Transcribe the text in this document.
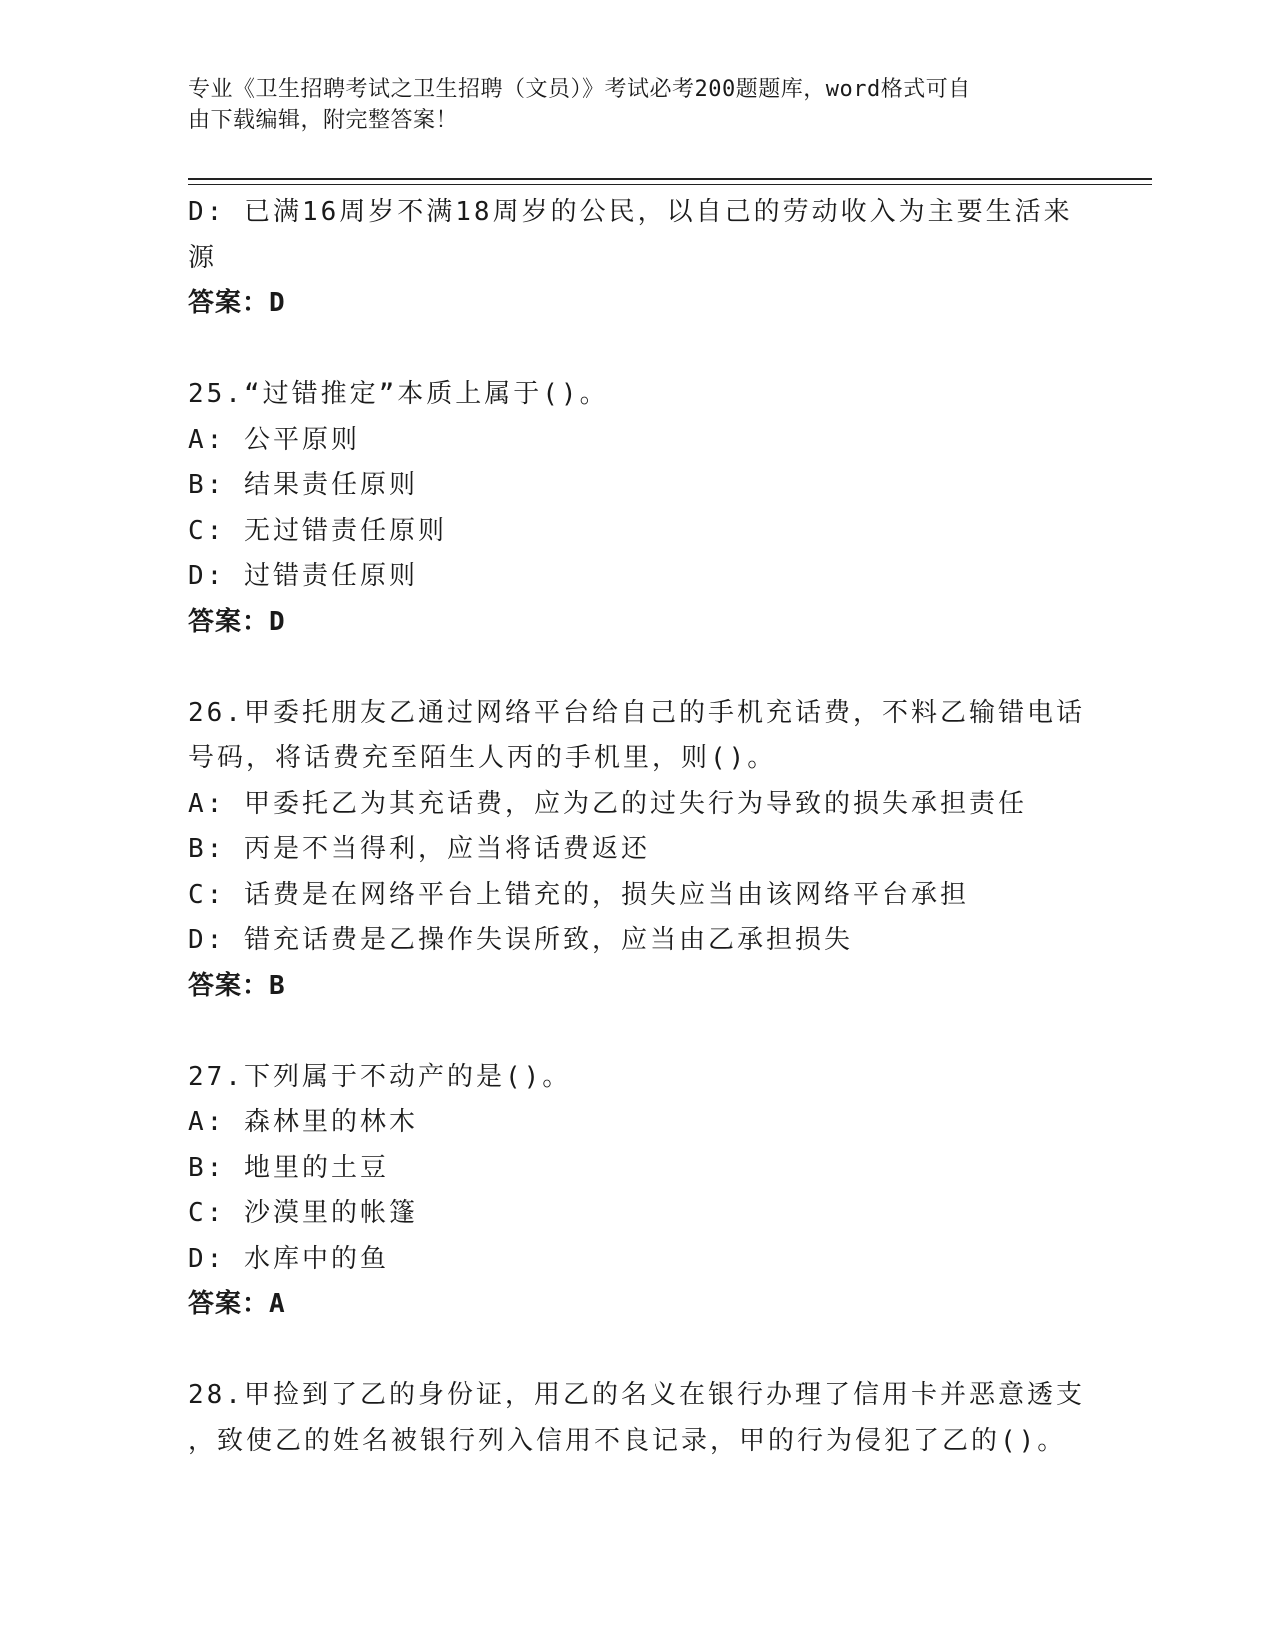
专业《卫生招聘考试之卫生招聘（文员）》考试必考200题题库，word格式可自
由下载编辑，附完整答案！
D: 已满16周岁不满18周岁的公民，以自己的劳动收入为主要生活来
源
答案：D
25.“过错推定”本质上属于()。
A: 公平原则
B: 结果责任原则
C: 无过错责任原则
D: 过错责任原则
答案：D
26.甲委托朋友乙通过网络平台给自己的手机充话费，不料乙输错电话
号码，将话费充至陌生人丙的手机里，则()。
A: 甲委托乙为其充话费，应为乙的过失行为导致的损失承担责任
B: 丙是不当得利，应当将话费返还
C: 话费是在网络平台上错充的，损失应当由该网络平台承担
D: 错充话费是乙操作失误所致，应当由乙承担损失
答案：B
27.下列属于不动产的是()。
A: 森林里的林木
B: 地里的土豆
C: 沙漠里的帐篷
D: 水库中的鱼
答案：A
28.甲捡到了乙的身份证，用乙的名义在银行办理了信用卡并恶意透支
，致使乙的姓名被银行列入信用不良记录，甲的行为侵犯了乙的()。
